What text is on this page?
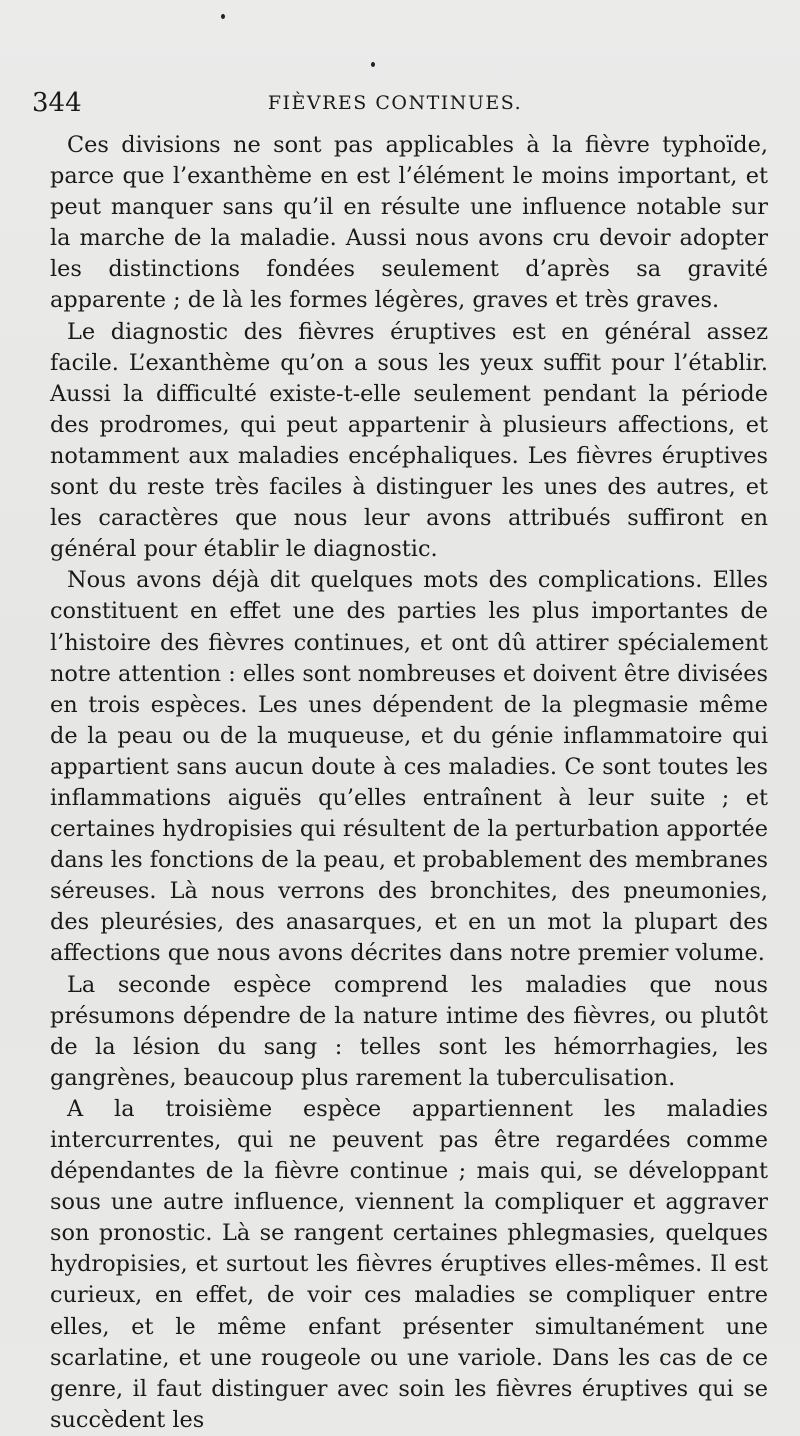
344	FIÈVRES CONTINUES.

Ces divisions ne sont pas applicables à la fièvre typhoïde, parce que l’exanthème en est l’élément le moins important, et peut manquer sans qu’il en résulte une influence notable sur la marche de la maladie. Aussi nous avons cru devoir adopter les distinctions fondées seulement d’après sa gravité apparente ; de là les formes légères, graves et très graves.

Le diagnostic des fièvres éruptives est en général assez facile. L’exanthème qu’on a sous les yeux suffit pour l’établir. Aussi la difficulté existe-t-elle seulement pendant la période des prodromes, qui peut appartenir à plusieurs affections, et notamment aux maladies encéphaliques. Les fièvres éruptives sont du reste très faciles à distinguer les unes des autres, et les caractères que nous leur avons attribués suffiront en général pour établir le diagnostic.

Nous avons déjà dit quelques mots des complications. Elles constituent en effet une des parties les plus importantes de l’histoire des fièvres continues, et ont dû attirer spécialement notre attention : elles sont nombreuses et doivent être divisées en trois espèces. Les unes dépendent de la plegmasie même de la peau ou de la muqueuse, et du génie inflammatoire qui appartient sans aucun doute à ces maladies. Ce sont toutes les inflammations aiguës qu’elles entraînent à leur suite ; et certaines hydropisies qui résultent de la perturbation apportée dans les fonctions de la peau, et probablement des membranes séreuses. Là nous verrons des bronchites, des pneumonies, des pleurésies, des anasarques, et en un mot la plupart des affections que nous avons décrites dans notre premier volume.

La seconde espèce comprend les maladies que nous présumons dépendre de la nature intime des fièvres, ou plutôt de la lésion du sang : telles sont les hémorrhagies, les gangrènes, beaucoup plus rarement la tuberculisation.

A la troisième espèce appartiennent les maladies intercurrentes, qui ne peuvent pas être regardées comme dépendantes de la fièvre continue ; mais qui, se développant sous une autre influence, viennent la compliquer et aggraver son pronostic. Là se rangent certaines phlegmasies, quelques hydropisies, et surtout les fièvres éruptives elles-mêmes. Il est curieux, en effet, de voir ces maladies se compliquer entre elles, et le même enfant présenter simultanément une scarlatine, et une rougeole ou une variole. Dans les cas de ce genre, il faut distinguer avec soin les fièvres éruptives qui se succèdent les
